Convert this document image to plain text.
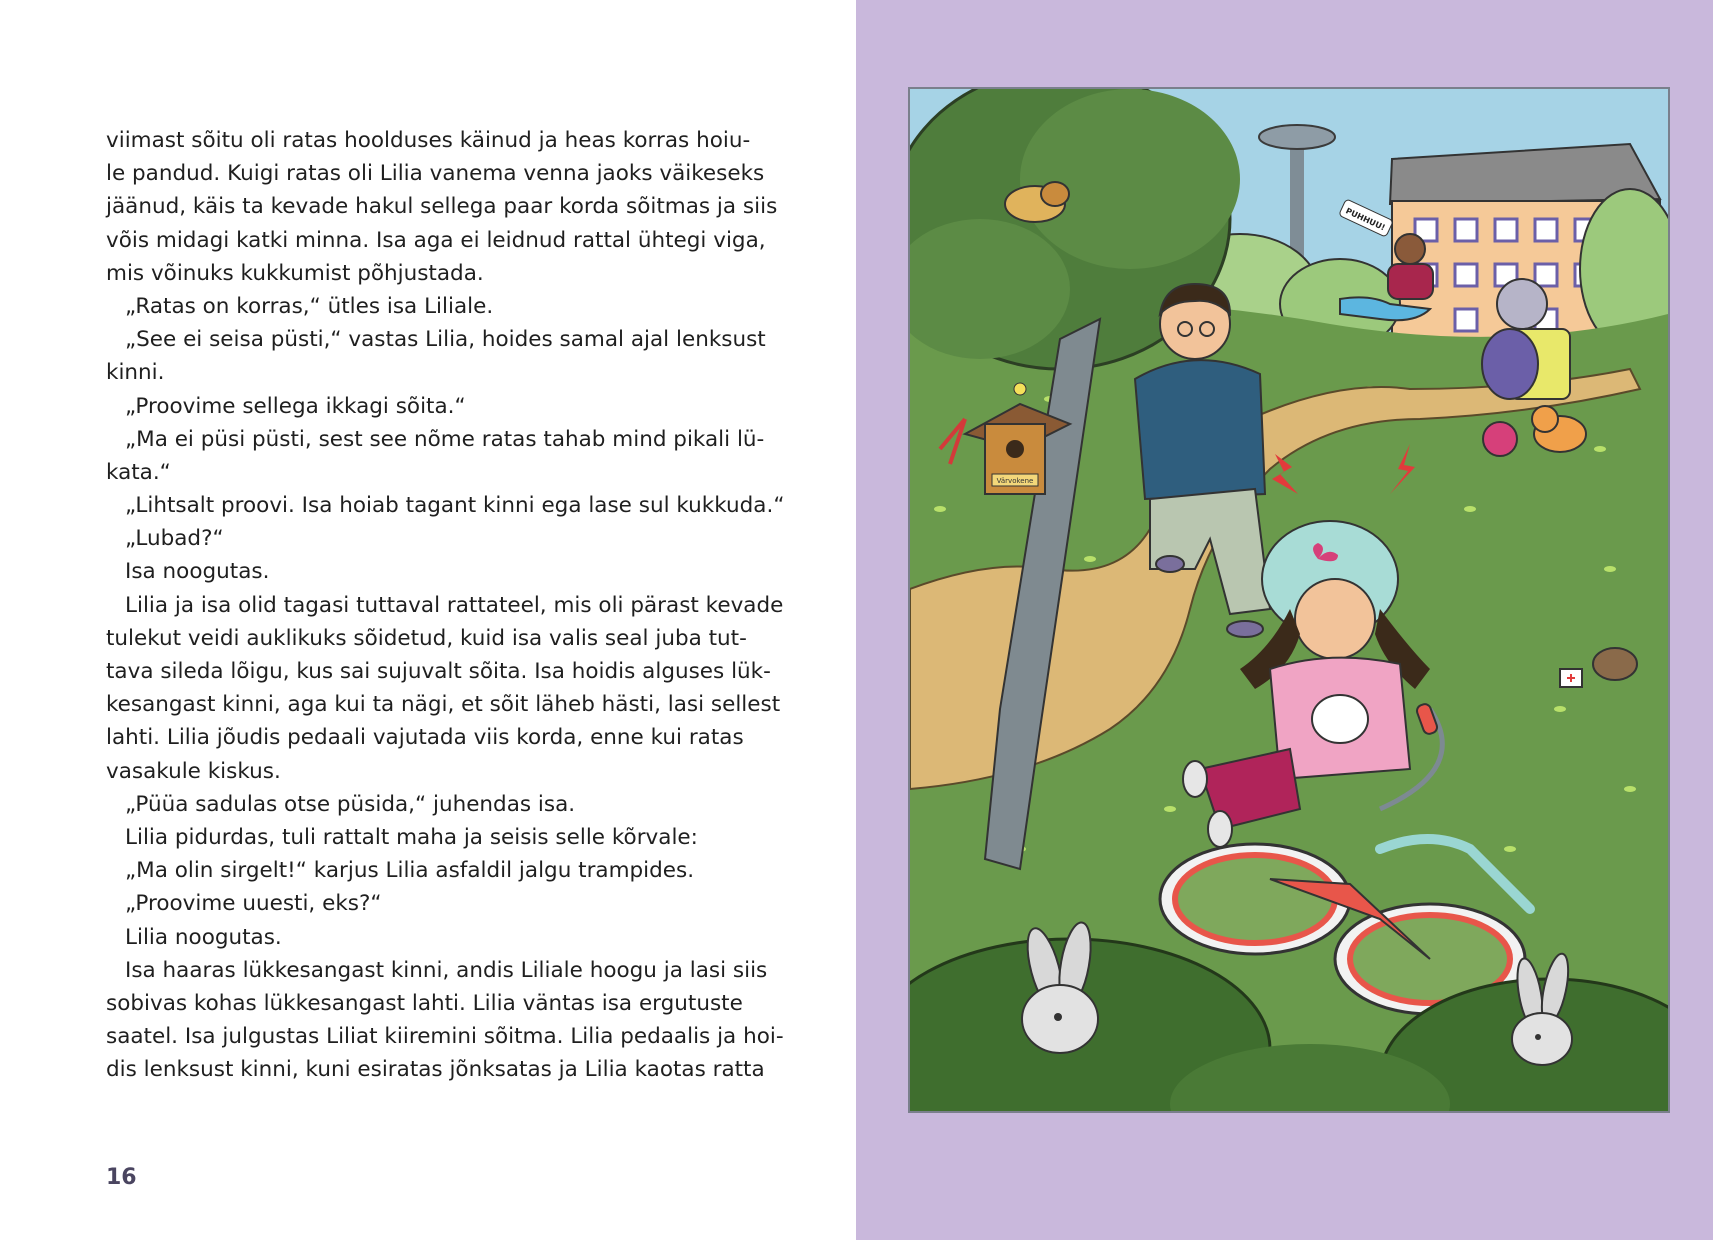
viimast sõitu oli ratas hoolduses käinud ja heas korras hoiu-
le pandud. Kuigi ratas oli Lilia vanema venna jaoks väikeseks
jäänud, käis ta kevade hakul sellega paar korda sõitmas ja siis
võis midagi katki minna. Isa aga ei leidnud rattal ühtegi viga,
mis võinuks kukkumist põhjustada.
„Ratas on korras,“ ütles isa Liliale.
„See ei seisa püsti,“ vastas Lilia, hoides samal ajal lenksust
kinni.
„Proovime sellega ikkagi sõita.“
„Ma ei püsi püsti, sest see nõme ratas tahab mind pikali lü-
kata.“
„Lihtsalt proovi. Isa hoiab tagant kinni ega lase sul kukkuda.“
„Lubad?“
Isa noogutas.
Lilia ja isa olid tagasi tuttaval rattateel, mis oli pärast kevade
tulekut veidi auklikuks sõidetud, kuid isa valis seal juba tut-
tava sileda lõigu, kus sai sujuvalt sõita. Isa hoidis alguses lük-
kesangast kinni, aga kui ta nägi, et sõit läheb hästi, lasi sellest
lahti. Lilia jõudis pedaali vajutada viis korda, enne kui ratas
vasakule kiskus.
„Püüa sadulas otse püsida,“ juhendas isa.
Lilia pidurdas, tuli rattalt maha ja seisis selle kõrvale:
„Ma olin sirgelt!“ karjus Lilia asfaldil jalgu trampides.
„Proovime uuesti, eks?“
Lilia noogutas.
Isa haaras lükkesangast kinni, andis Liliale hoogu ja lasi siis
sobivas kohas lükkesangast lahti. Lilia väntas isa ergutuste
saatel. Isa julgustas Liliat kiiremini sõitma. Lilia pedaalis ja hoi-
dis lenksust kinni, kuni esiratas jõnksatas ja Lilia kaotas ratta
16
Värvokene
PUHHUU!
